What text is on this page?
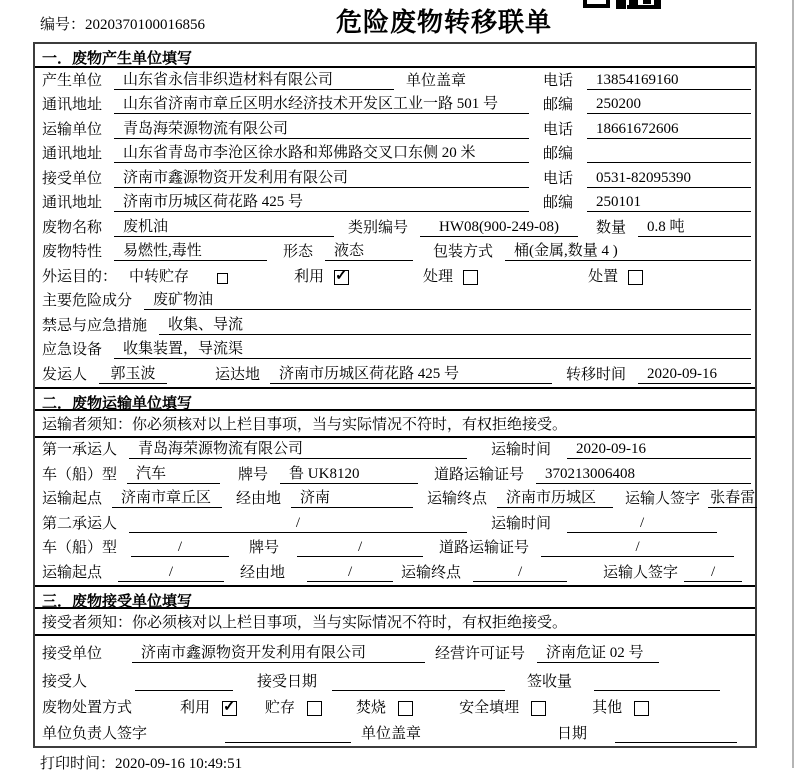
编号：2020370100016856	危险废物转移联单
一．废物产生单位填写
产生单位	山东省永信非织造材料有限公司	单位盖章	电话	13854169160
通讯地址	山东省济南市章丘区明水经济技术开发区工业一路 501 号	邮编	250200
运输单位	青岛海荣源物流有限公司	电话	18661672606
通讯地址	山东省青岛市李沧区徐水路和郑佛路交叉口东侧 20 米	邮编
接受单位	济南市鑫源物资开发利用有限公司	电话	0531-82095390
通讯地址	济南市历城区荷花路 425 号	邮编	250101
废物名称	废机油	类别编号	HW08(900-249-08)	数量	0.8 吨
废物特性	易燃性,毒性	形态	液态	包装方式	桶(金属,数量 4 )
外运目的： 中转贮存	利用 ✓	处理	处置
主要危险成分	废矿物油
禁忌与应急措施	收集、导流
应急设备	收集装置，导流渠
发运人	郭玉波	运达地	济南市历城区荷花路 425 号	转移时间	2020-09-16
二．废物运输单位填写
运输者须知：你必须核对以上栏目事项，当与实际情况不符时，有权拒绝接受。
第一承运人	青岛海荣源物流有限公司	运输时间	2020-09-16
车（船）型	汽车	牌号	鲁 UK8120	道路运输证号	370213006408
运输起点	济南市章丘区	经由地	济南	运输终点	济南市历城区	运输人签字 张春雷
第二承运人	/	运输时间	/
车（船）型	/	牌号	/	道路运输证号	/
运输起点	/	经由地	/	运输终点	/	运输人签字	/
三．废物接受单位填写
接受者须知：你必须核对以上栏目事项，当与实际情况不符时，有权拒绝接受。
接受单位	济南市鑫源物资开发利用有限公司	经营许可证号	济南危证 02 号
接受人	接受日期	签收量
废物处置方式	利用 ✓	贮存	焚烧	安全填埋	其他
单位负责人签字	单位盖章	日期
打印时间：2020-09-16 10:49:51
